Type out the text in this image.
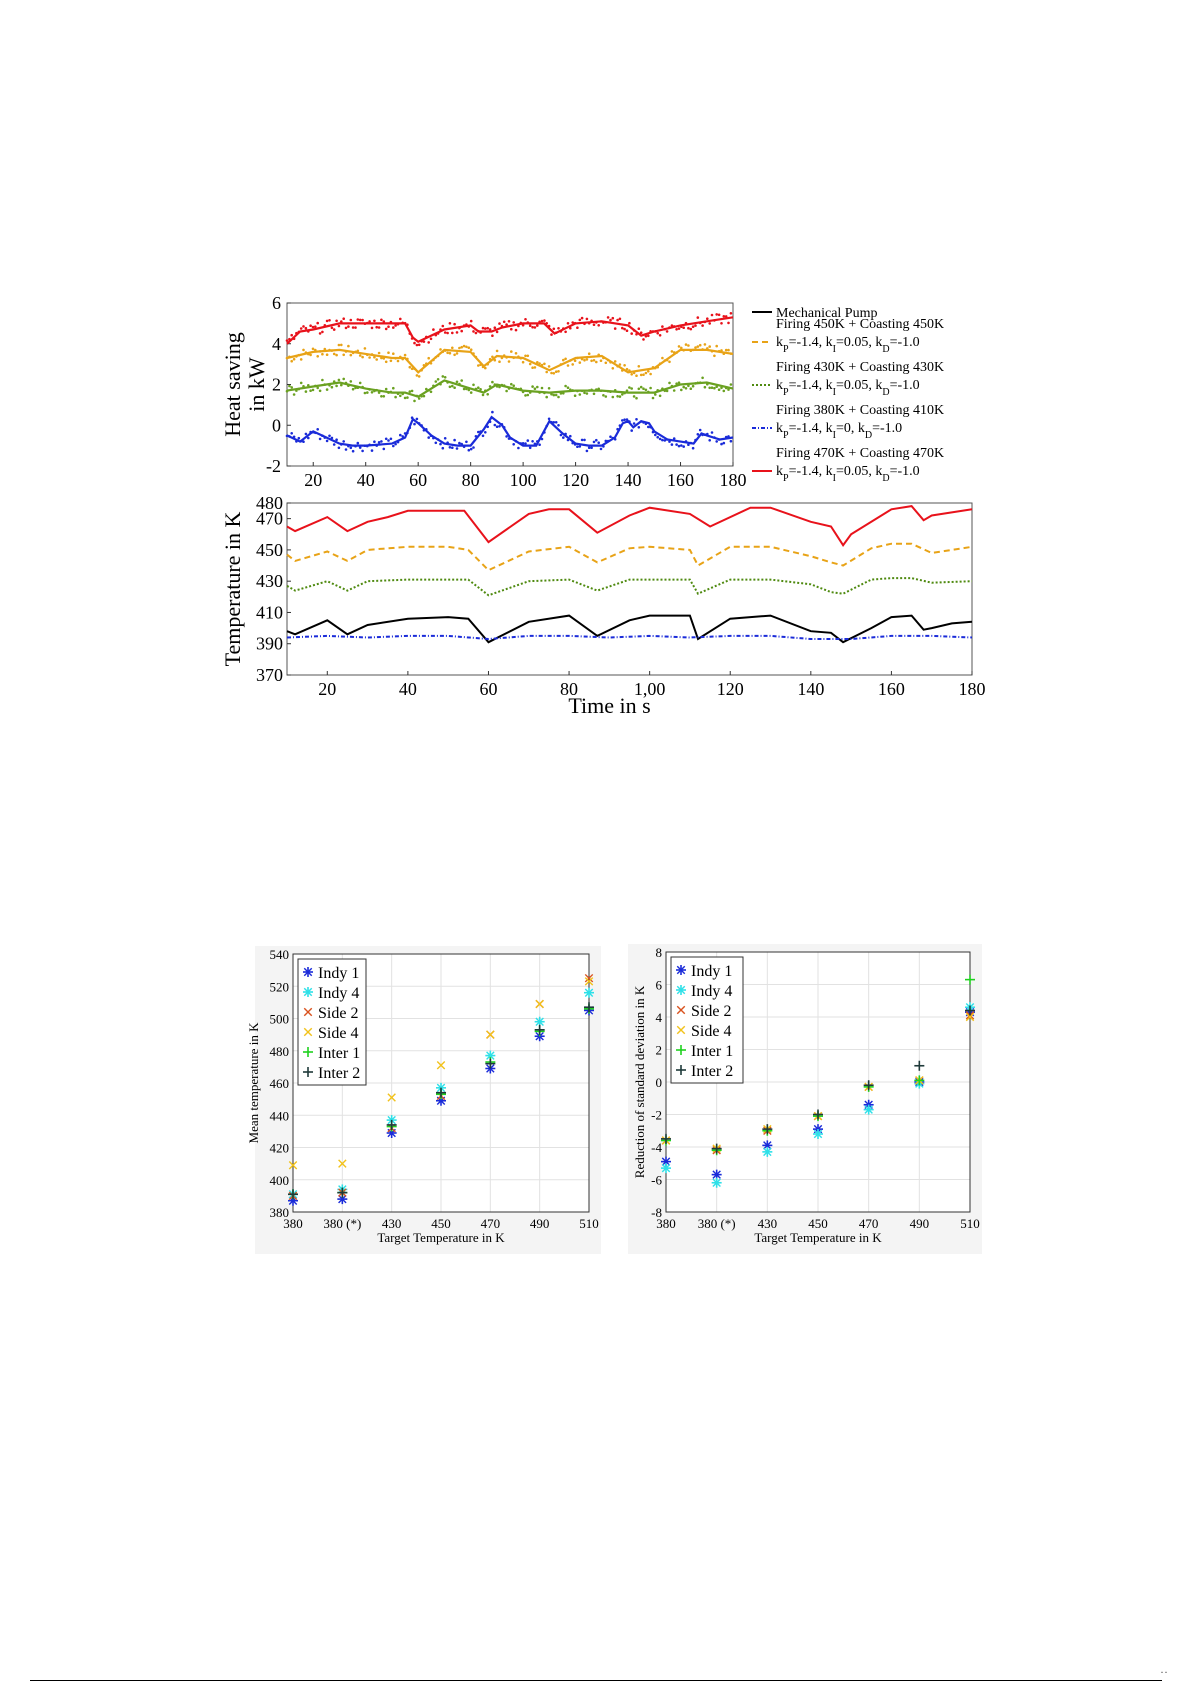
20 40 60 80 100 120 140 160 180
-2
0
2
4
6
Heat saving in kW
Mechanical Pump
Firing 450K + Coasting 450K
$k_P=-1.4$, $k_I=0.05$, $k_D=-1.0$
Firing 430K + Coasting 430K
$k_P=-1.4$, $k_I=0.05$, $k_D=-1.0$
Firing 380K + Coasting 410K
$k_P=-1.4$, $k_I=0$, $k_D=-1.0$
Firing 470K + Coasting 470K
$k_P=-1.4$, $k_I=0.05$, $k_D=-1.0$
20	40	60	80	1,00	120	140	160	180
370
390
410
430
450
470
480
Temperature in K
Time in s
380
400
420
440
460
480
500
520
540
380 380 (*) 430 450 470 490 510
Target Temperature in K
Mean temperature in K
Indy 1
Indy 4
Side 2
Side 4
Inter 1
Inter 2
-8
-6
-4
-2
0
2
4
6
8
380 380 (*) 430 450 470 490 510
Target Temperature in K
Reduction of standard deviation in K
Indy 1
Indy 4
Side 2
Side 4
Inter 1
Inter 2
··
